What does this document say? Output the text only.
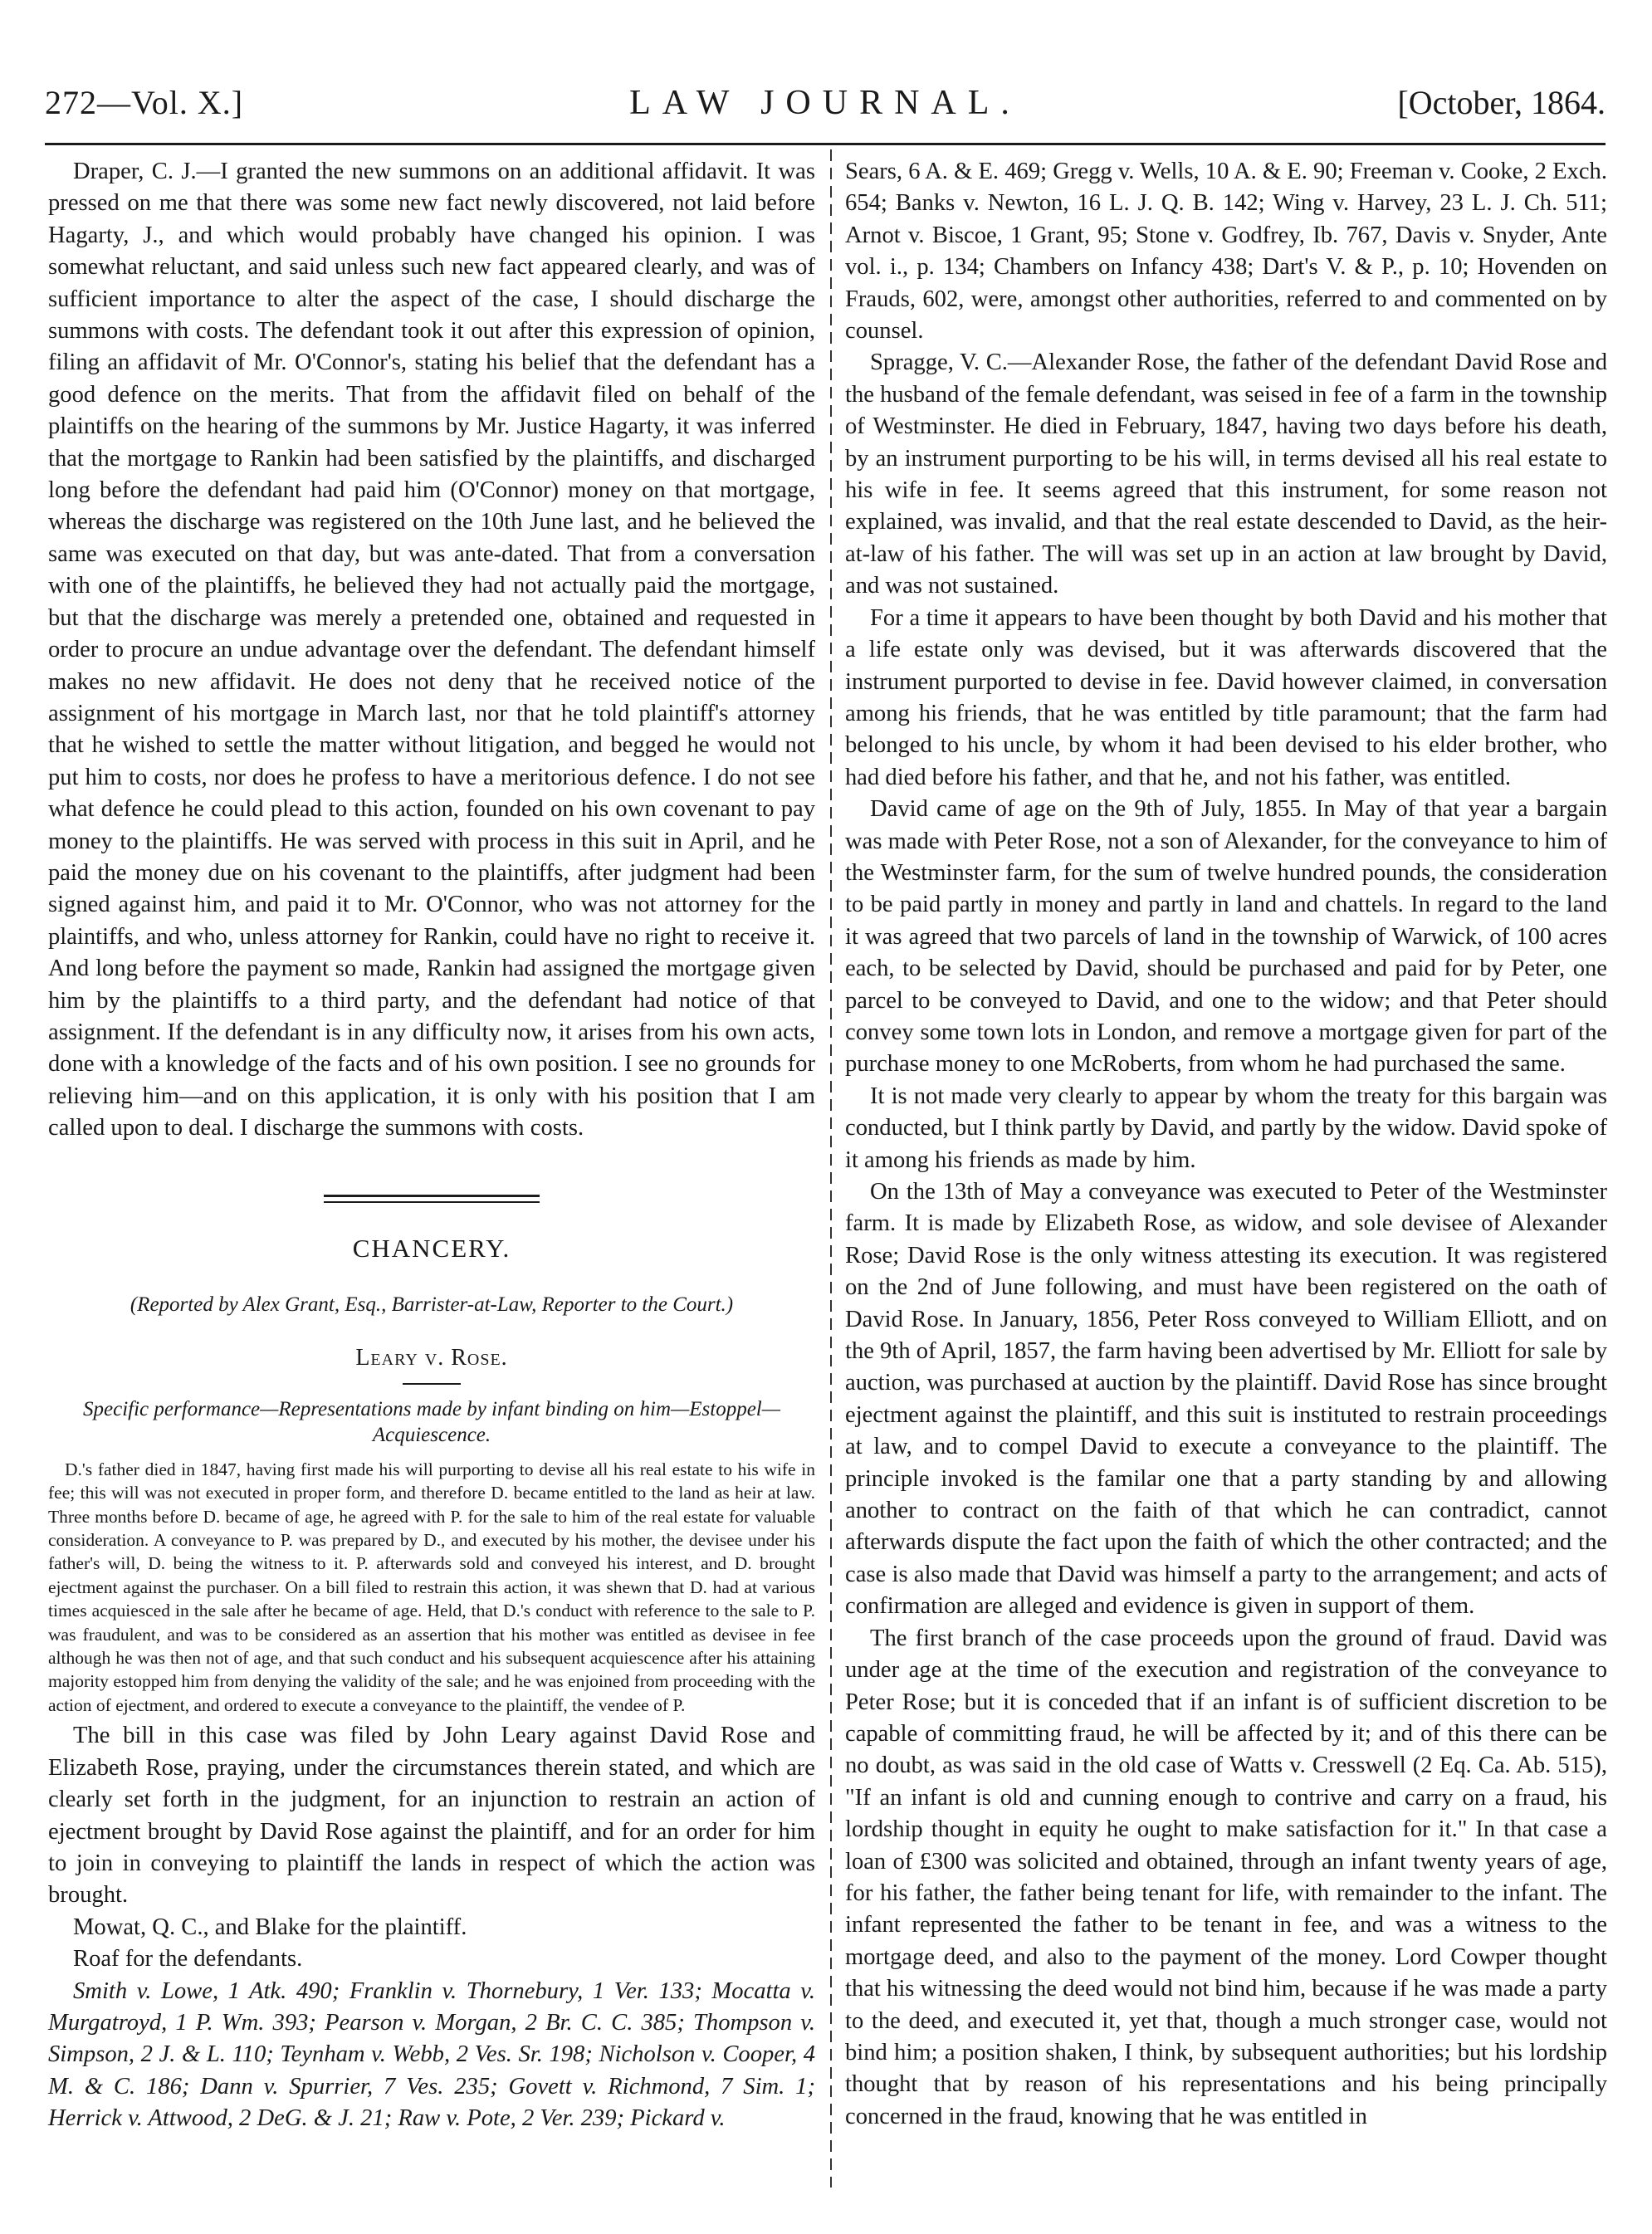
272—Vol. X.]	LAW JOURNAL.	[October, 1864.

Draper, C. J.—I granted the new summons on an additional affidavit. It was pressed on me that there was some new fact newly discovered, not laid before Hagarty, J., and which would probably have changed his opinion. I was somewhat reluctant, and said unless such new fact appeared clearly, and was of sufficient importance to alter the aspect of the case, I should discharge the summons with costs. The defendant took it out after this expression of opinion, filing an affidavit of Mr. O'Connor's, stating his belief that the defendant has a good defence on the merits. That from the affidavit filed on behalf of the plaintiffs on the hearing of the summons by Mr. Justice Hagarty, it was inferred that the mortgage to Rankin had been satisfied by the plaintiffs, and discharged long before the defendant had paid him (O'Connor) money on that mortgage, whereas the discharge was registered on the 10th June last, and he believed the same was executed on that day, but was ante-dated. That from a conversation with one of the plaintiffs, he believed they had not actually paid the mortgage, but that the discharge was merely a pretended one, obtained and requested in order to procure an undue advantage over the defendant. The defendant himself makes no new affidavit. He does not deny that he received notice of the assignment of his mortgage in March last, nor that he told plaintiff's attorney that he wished to settle the matter without litigation, and begged he would not put him to costs, nor does he profess to have a meritorious defence. I do not see what defence he could plead to this action, founded on his own covenant to pay money to the plaintiffs. He was served with process in this suit in April, and he paid the money due on his covenant to the plaintiffs, after judgment had been signed against him, and paid it to Mr. O'Connor, who was not attorney for the plaintiffs, and who, unless attorney for Rankin, could have no right to receive it. And long before the payment so made, Rankin had assigned the mortgage given him by the plaintiffs to a third party, and the defendant had notice of that assignment. If the defendant is in any difficulty now, it arises from his own acts, done with a knowledge of the facts and of his own position. I see no grounds for relieving him—and on this application, it is only with his position that I am called upon to deal. I discharge the summons with costs.

CHANCERY.
(Reported by Alex Grant, Esq., Barrister-at-Law, Reporter to the Court.)
Leary v. Rose.
Specific performance—Representations made by infant binding on him—Estoppel—Acquiescence.

D.'s father died in 1847, having first made his will purporting to devise all his real estate to his wife in fee; this will was not executed in proper form, and therefore D. became entitled to the land as heir at law. Three months before D. became of age, he agreed with P. for the sale to him of the real estate for valuable consideration. A conveyance to P. was prepared by D., and executed by his mother, the devisee under his father's will, D. being the witness to it. P. afterwards sold and conveyed his interest, and D. brought ejectment against the purchaser. On a bill filed to restrain this action, it was shewn that D. had at various times acquiesced in the sale after he became of age. Held, that D.'s conduct with reference to the sale to P. was fraudulent, and was to be considered as an assertion that his mother was entitled as devisee in fee although he was then not of age, and that such conduct and his subsequent acquiescence after his attaining majority estopped him from denying the validity of the sale; and he was enjoined from proceeding with the action of ejectment, and ordered to execute a conveyance to the plaintiff, the vendee of P.

The bill in this case was filed by John Leary against David Rose and Elizabeth Rose, praying, under the circumstances therein stated, and which are clearly set forth in the judgment, for an injunction to restrain an action of ejectment brought by David Rose against the plaintiff, and for an order for him to join in conveying to plaintiff the lands in respect of which the action was brought.

Mowat, Q. C., and Blake for the plaintiff.

Roaf for the defendants.

Smith v. Lowe, 1 Atk. 490; Franklin v. Thornebury, 1 Ver. 133; Mocatta v. Murgatroyd, 1 P. Wm. 393; Pearson v. Morgan, 2 Br. C. C. 385; Thompson v. Simpson, 2 J. & L. 110; Teynham v. Webb, 2 Ves. Sr. 198; Nicholson v. Cooper, 4 M. & C. 186; Dann v. Spurrier, 7 Ves. 235; Govett v. Richmond, 7 Sim. 1; Herrick v. Attwood, 2 DeG. & J. 21; Raw v. Pote, 2 Ver. 239; Pickard v.

Sears, 6 A. & E. 469; Gregg v. Wells, 10 A. & E. 90; Freeman v. Cooke, 2 Exch. 654; Banks v. Newton, 16 L. J. Q. B. 142; Wing v. Harvey, 23 L. J. Ch. 511; Arnot v. Biscoe, 1 Grant, 95; Stone v. Godfrey, Ib. 767, Davis v. Snyder, Ante vol. i., p. 134; Chambers on Infancy 438; Dart's V. & P., p. 10; Hovenden on Frauds, 602, were, amongst other authorities, referred to and commented on by counsel.

Spragge, V. C.—Alexander Rose, the father of the defendant David Rose and the husband of the female defendant, was seised in fee of a farm in the township of Westminster. He died in February, 1847, having two days before his death, by an instrument purporting to be his will, in terms devised all his real estate to his wife in fee. It seems agreed that this instrument, for some reason not explained, was invalid, and that the real estate descended to David, as the heir-at-law of his father. The will was set up in an action at law brought by David, and was not sustained.

For a time it appears to have been thought by both David and his mother that a life estate only was devised, but it was afterwards discovered that the instrument purported to devise in fee. David however claimed, in conversation among his friends, that he was entitled by title paramount; that the farm had belonged to his uncle, by whom it had been devised to his elder brother, who had died before his father, and that he, and not his father, was entitled.

David came of age on the 9th of July, 1855. In May of that year a bargain was made with Peter Rose, not a son of Alexander, for the conveyance to him of the Westminster farm, for the sum of twelve hundred pounds, the consideration to be paid partly in money and partly in land and chattels. In regard to the land it was agreed that two parcels of land in the township of Warwick, of 100 acres each, to be selected by David, should be purchased and paid for by Peter, one parcel to be conveyed to David, and one to the widow; and that Peter should convey some town lots in London, and remove a mortgage given for part of the purchase money to one McRoberts, from whom he had purchased the same.

It is not made very clearly to appear by whom the treaty for this bargain was conducted, but I think partly by David, and partly by the widow. David spoke of it among his friends as made by him.

On the 13th of May a conveyance was executed to Peter of the Westminster farm. It is made by Elizabeth Rose, as widow, and sole devisee of Alexander Rose; David Rose is the only witness attesting its execution. It was registered on the 2nd of June following, and must have been registered on the oath of David Rose. In January, 1856, Peter Ross conveyed to William Elliott, and on the 9th of April, 1857, the farm having been advertised by Mr. Elliott for sale by auction, was purchased at auction by the plaintiff. David Rose has since brought ejectment against the plaintiff, and this suit is instituted to restrain proceedings at law, and to compel David to execute a conveyance to the plaintiff. The principle invoked is the familar one that a party standing by and allowing another to contract on the faith of that which he can contradict, cannot afterwards dispute the fact upon the faith of which the other contracted; and the case is also made that David was himself a party to the arrangement; and acts of confirmation are alleged and evidence is given in support of them.

The first branch of the case proceeds upon the ground of fraud. David was under age at the time of the execution and registration of the conveyance to Peter Rose; but it is conceded that if an infant is of sufficient discretion to be capable of committing fraud, he will be affected by it; and of this there can be no doubt, as was said in the old case of Watts v. Cresswell (2 Eq. Ca. Ab. 515), "If an infant is old and cunning enough to contrive and carry on a fraud, his lordship thought in equity he ought to make satisfaction for it." In that case a loan of £300 was solicited and obtained, through an infant twenty years of age, for his father, the father being tenant for life, with remainder to the infant. The infant represented the father to be tenant in fee, and was a witness to the mortgage deed, and also to the payment of the money. Lord Cowper thought that his witnessing the deed would not bind him, because if he was made a party to the deed, and executed it, yet that, though a much stronger case, would not bind him; a position shaken, I think, by subsequent authorities; but his lordship thought that by reason of his representations and his being principally concerned in the fraud, knowing that he was entitled in
